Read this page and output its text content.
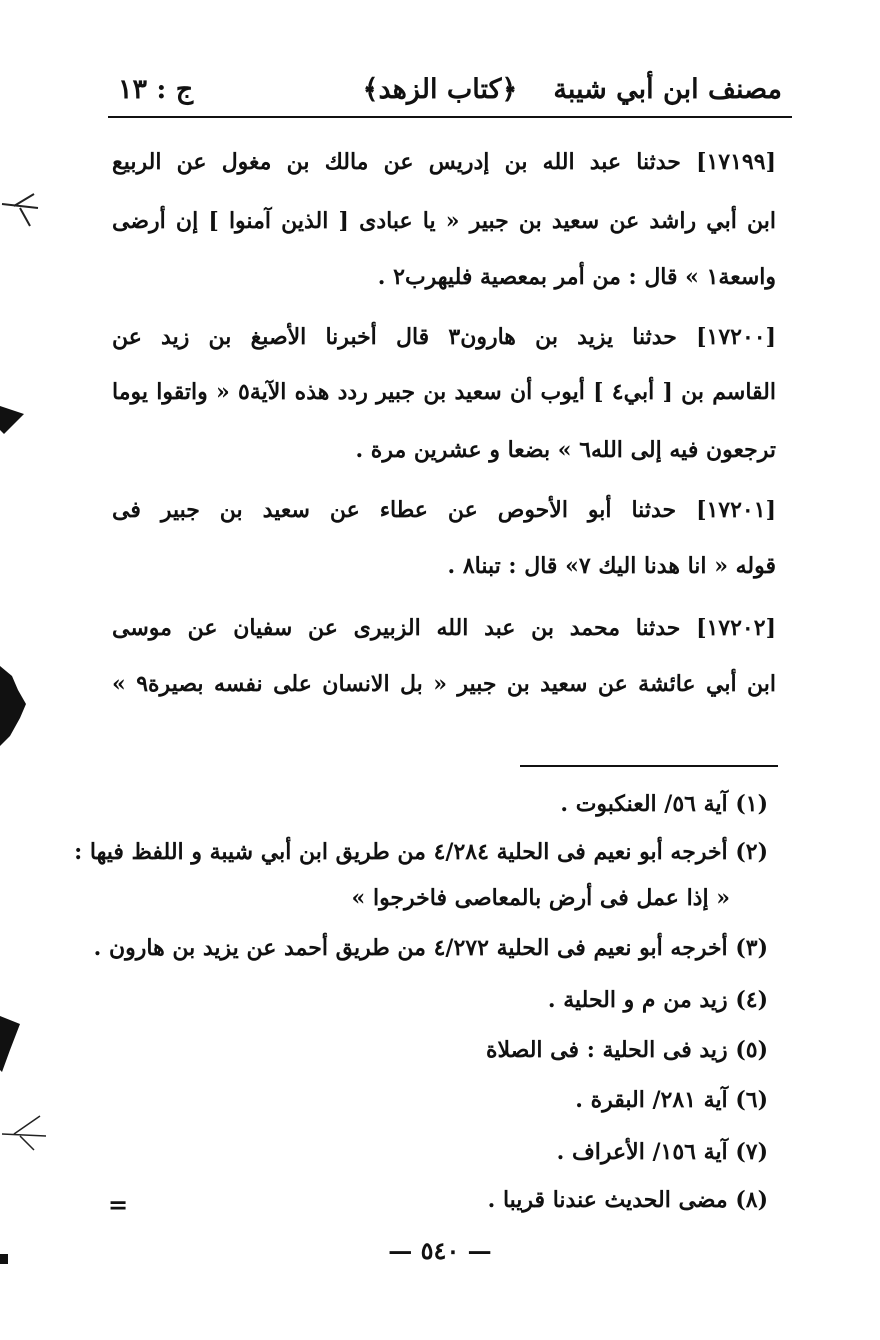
مصنف ابن أبي شيبة
﴿كتاب الزهد﴾
ج : ١٣
[١٧١٩٩] حدثنا عبد الله بن إدريس عن مالك بن مغول عن الربيع
ابن أبي راشد عن سعيد بن جبير « يا عبادى [ الذين آمنوا ] إن أرضى
واسعة١ » قال : من أمر بمعصية فليهرب٢ .
[١٧٢٠٠] حدثنا يزيد بن هارون٣ قال أخبرنا الأصبغ بن زيد عن
القاسم بن [ أبي٤ ] أيوب أن سعيد بن جبير ردد هذه الآية٥ « واتقوا يوما
ترجعون فيه إلى الله٦ » بضعا و عشرين مرة .
[١٧٢٠١] حدثنا أبو الأحوص عن عطاء عن سعيد بن جبير فى
قوله « انا هدنا اليك ٧» قال : تبنا٨ .
[١٧٢٠٢] حدثنا محمد بن عبد الله الزبيرى عن سفيان عن موسى
ابن أبي عائشة عن سعيد بن جبير « بل الانسان على نفسه بصيرة٩ »
(١) آية ٥٦/ العنكبوت .
(٢) أخرجه أبو نعيم فى الحلية ٤/٢٨٤ من طريق ابن أبي شيبة و اللفظ فيها :
« إذا عمل فى أرض بالمعاصى فاخرجوا »
(٣) أخرجه أبو نعيم فى الحلية ٤/٢٧٢ من طريق أحمد عن يزيد بن هارون .
(٤) زيد من م و الحلية .
(٥) زيد فى الحلية : فى الصلاة
(٦) آية ٢٨١/ البقرة .
(٧) آية ١٥٦/ الأعراف .
(٨) مضى الحديث عندنا قريبا .
=
— ٥٤٠ —
